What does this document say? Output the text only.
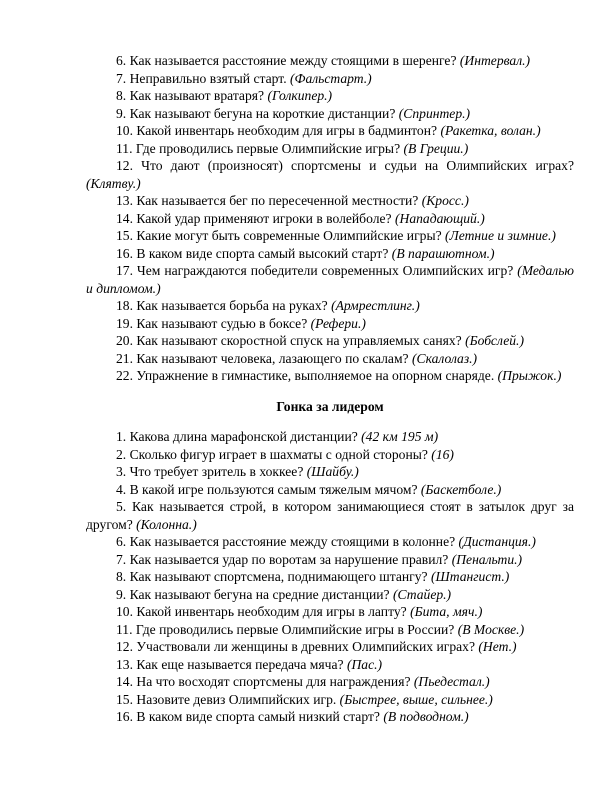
6. Как называется расстояние между стоящими в шеренге? (Интервал.)

7. Неправильно взятый старт. (Фальстарт.)

8. Как называют вратаря? (Голкипер.)

9. Как называют бегуна на короткие дистанции? (Спринтер.)

10. Какой инвентарь необходим для игры в бадминтон? (Ракетка, волан.)

11. Где проводились первые Олимпийские игры? (В Греции.)

12. Что дают (произносят) спортсмены и судьи на Олимпийских играх? (Клятву.)

13. Как называется бег по пересеченной местности? (Кросс.)

14. Какой удар применяют игроки в волейболе? (Нападающий.)

15. Какие могут быть современные Олимпийские игры? (Летние и зимние.)

16. В каком виде спорта самый высокий старт? (В парашютном.)

17. Чем награждаются победители современных Олимпийских игр? (Медалью и дипломом.)

18. Как называется борьба на руках? (Армрестлинг.)

19. Как называют судью в боксе? (Рефери.)

20. Как называют скоростной спуск на управляемых санях? (Бобслей.)

21. Как называют человека, лазающего по скалам? (Скалолаз.)

22. Упражнение в гимнастике, выполняемое на опорном снаряде. (Прыжок.)

Гонка за лидером

1. Какова длина марафонской дистанции? (42 км 195 м)

2. Сколько фигур играет в шахматы с одной стороны? (16)

3. Что требует зритель в хоккее? (Шайбу.)

4. В какой игре пользуются самым тяжелым мячом? (Баскетболе.)

5. Как называется строй, в котором занимающиеся стоят в затылок друг за другом? (Колонна.)

6. Как называется расстояние между стоящими в колонне? (Дистанция.)

7. Как называется удар по воротам за нарушение правил? (Пенальти.)

8. Как называют спортсмена, поднимающего штангу? (Штангист.)

9. Как называют бегуна на средние дистанции? (Стайер.)

10. Какой инвентарь необходим для игры в лапту? (Бита, мяч.)

11. Где проводились первые Олимпийские игры в России? (В Москве.)

12. Участвовали ли женщины в древних Олимпийских играх? (Нет.)

13. Как еще называется передача мяча? (Пас.)

14. На что восходят спортсмены для награждения? (Пьедестал.)

15. Назовите девиз Олимпийских игр. (Быстрее, выше, сильнее.)

16. В каком виде спорта самый низкий старт? (В подводном.)
